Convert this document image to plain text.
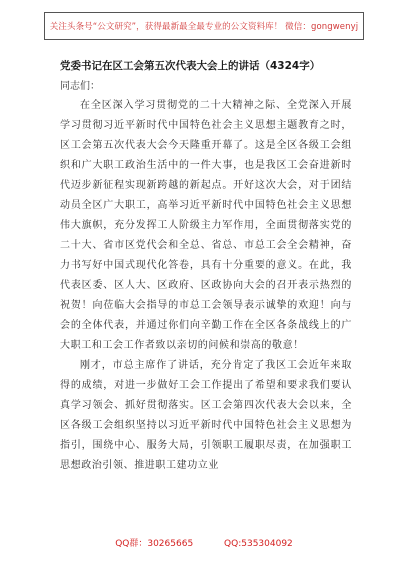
关注头条号“公文研究”，获得最新最全最专业的公文资料库！ 微信：gongwenyj
党委书记在区工会第五次代表大会上的讲话（4324字）
同志们：

在全区深入学习贯彻党的二十大精神之际、全党深入开展学习贯彻习近平新时代中国特色社会主义思想主题教育之时，区工会第五次代表大会今天隆重开幕了。这是全区各级工会组织和广大职工政治生活中的一件大事，也是我区工会奋进新时代迈步新征程实现新跨越的新起点。开好这次大会，对于团结动员全区广大职工，高举习近平新时代中国特色社会主义思想伟大旗帜，充分发挥工人阶级主力军作用，全面贯彻落实党的二十大、省市区党代会和全总、省总、市总工会全会精神，奋力书写好中国式现代化答卷，具有十分重要的意义。在此，我代表区委、区人大、区政府、区政协向大会的召开表示热烈的祝贺！向莅临大会指导的市总工会领导表示诚挚的欢迎！向与会的全体代表，并通过你们向辛勤工作在全区各条战线上的广大职工和工会工作者致以亲切的问候和崇高的敬意！

刚才，市总主席作了讲话，充分肯定了我区工会近年来取得的成绩，对进一步做好工会工作提出了希望和要求我们要认真学习领会、抓好贯彻落实。区工会第四次代表大会以来，全区各级工会组织坚持以习近平新时代中国特色社会主义思想为指引，围绕中心、服务大局，引领职工履职尽责，在加强职工思想政治引领、推进职工建功立业

QQ群：30265665	QQ:535304092
